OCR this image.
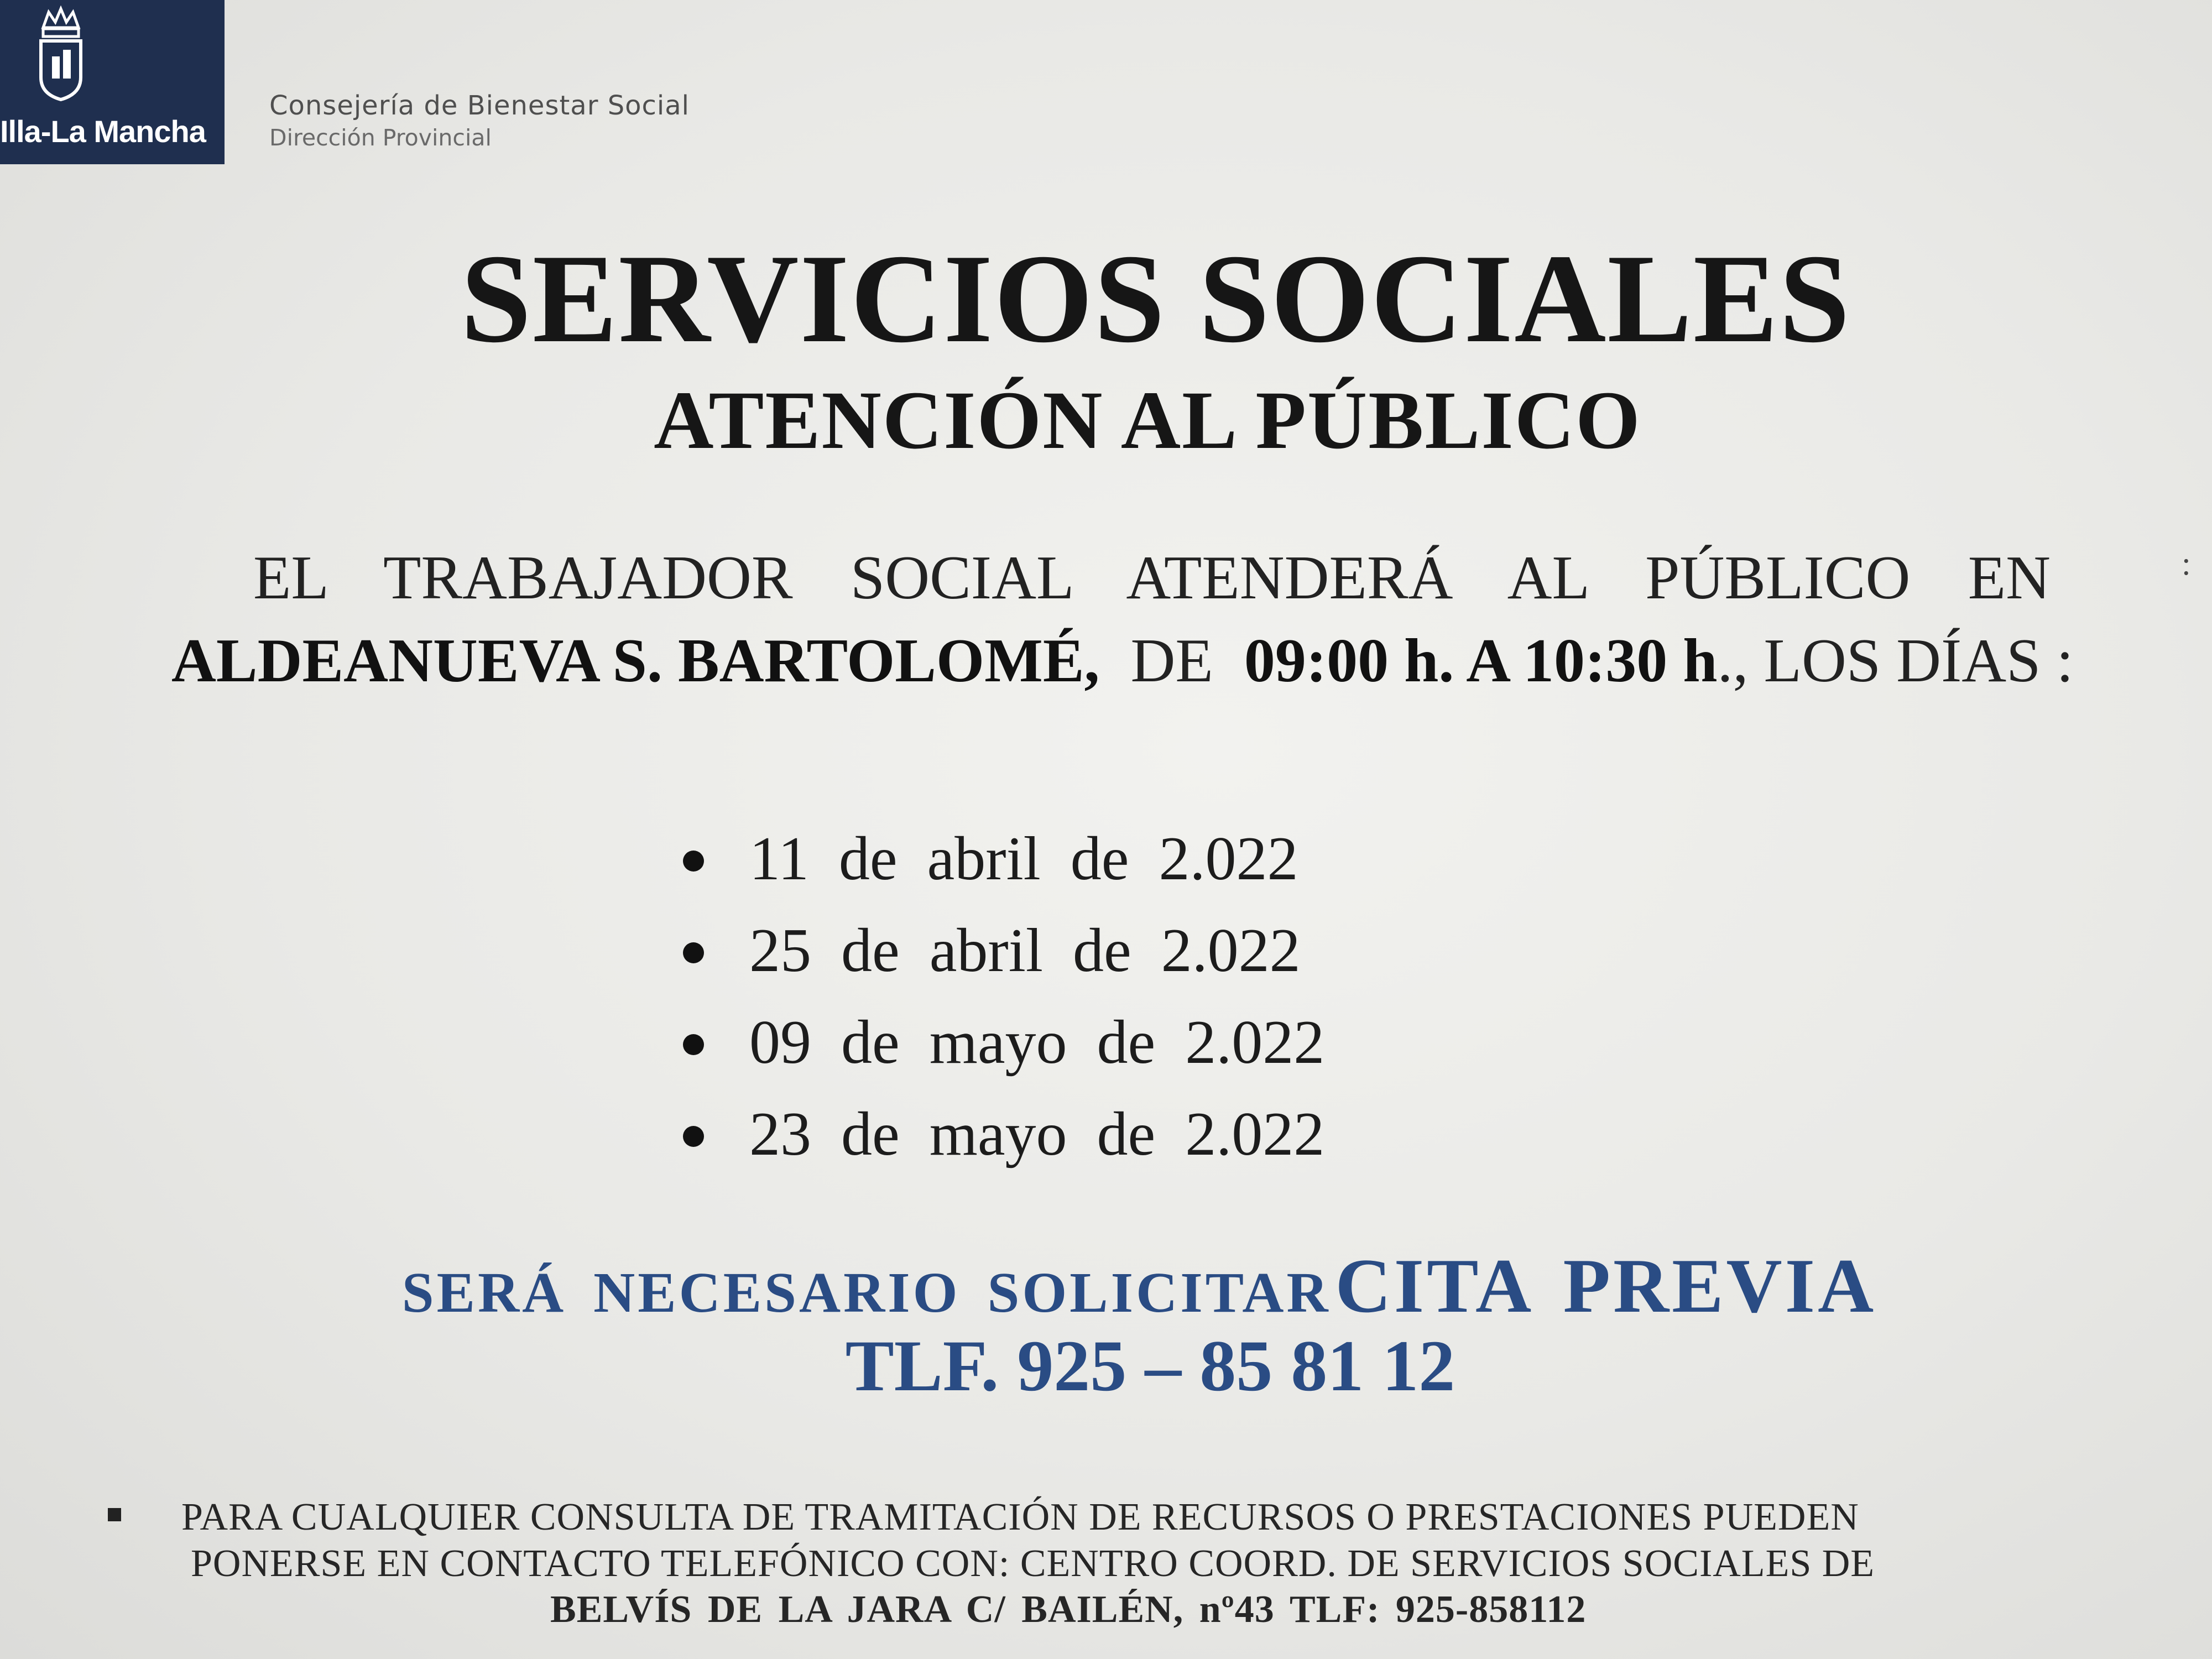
Illa-La Mancha
Consejería de Bienestar Social
Dirección Provincial
SERVICIOS SOCIALES
ATENCIÓN AL PÚBLICO
EL TRABAJADOR SOCIAL ATENDERÁ AL PÚBLICO EN	:
ALDEANUEVA S. BARTOLOMÉ, DE 09:00 h. A 10:30 h., LOS DÍAS :
11 de abril de 2.022
25 de abril de 2.022
09 de mayo de 2.022
23 de mayo de 2.022
SERÁ NECESARIO SOLICITAR  CITA PREVIA
TLF. 925 – 85 81 12
PARA CUALQUIER CONSULTA DE TRAMITACIÓN DE RECURSOS O PRESTACIONES PUEDEN
PONERSE EN CONTACTO TELEFÓNICO CON: CENTRO COORD. DE SERVICIOS SOCIALES DE
BELVÍS DE LA JARA C/ BAILÉN, nº43 TLF: 925-858112
